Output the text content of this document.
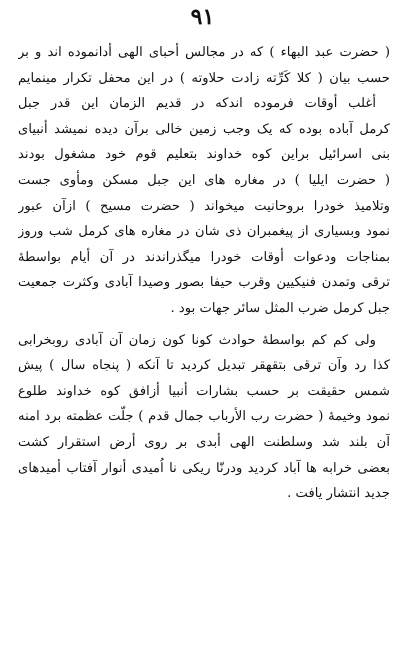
٩١
( حضرت عبد البهاء ) که در مجالس أحبای الهی أدانموده اند و بر
حسب بیان ( کلا کَرِّته زادت حلاوته ) در این محفل تکرار مینمایم
أغلب أوقات فرموده اندکه در قدیم الزمان این قدر جبل
کرمل آباده بوده که یک وجب زمین خالی برآن دیده نمیشد أنبیای
بنی اسرائیل براین کوه خداوند بتعلیم قوم خود مشغول بودند
( حضرت ایلیا ) در مغاره های این جبل مسکن ومأوی جست
وتلامیذ خودرا بروحانیت میخواند ( حضرت مسیح ) ازآن عبور
نمود وبسیاری از پیغمبران ذی شان در مغاره های کرمل شب وروز
بمناجات ودعوات أوقات خودرا میگذراندند در آن أیام بواسطهٔ
ترقی وتمدن فنیکیین وقرب حیفا بصور وصیدا آبادی وکثرت جمعیت
جبل کرمل ضرب المثل سائر جهات بود .
ولی کم کم بواسطهٔ حوادث کونا کون زمان آن آبادی روبخرابی
کذا رد وآن ترقی بتقهقر تبدیل کردید تا آنکه ( پنجاه سال ) پیش
شمس حقیقت بر حسب بشارات أنبیا أزافق کوه خداوند طلوع
نمود وخیمهٔ ( حضرت رب الأرباب جمال قدم ) جلّت عظمته برد امنه
آن بلند شد وسلطنت الهی أبدی بر روی أرض استقرار کشت
بعضی خرابه ها آباد کردید ودرنّا ریکی نا اُمیدی أنوار آفتاب أمیدهای
جدید انتشار یافت .
